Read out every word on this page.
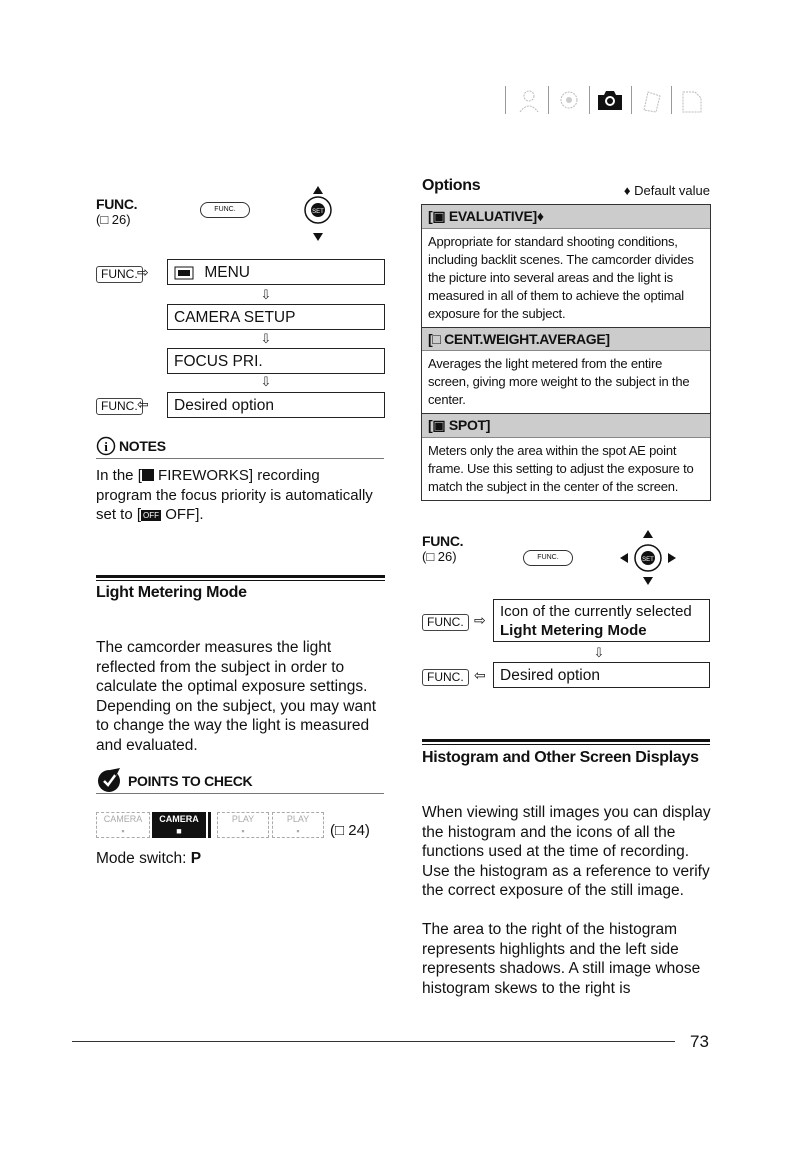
FUNC.
(□ 26)
FUNC.	SET
FUNC. ⇨	MENU
⇩
CAMERA SETUP
⇩
FOCUS PRI.
⇩
FUNC. ⇦	Desired option
i NOTES
In the [ FIREWORKS] recording
program the focus priority is automatically
set to [ OFF OFF].
Light Metering Mode
The camcorder measures the light reflected from the subject in order to calculate the optimal exposure settings. Depending on the subject, you may want to change the way the light is measured and evaluated.
POINTS TO CHECK
CAMERA
▪
CAMERA
■
PLAY
▪
PLAY
▪	(□ 24)
Mode switch: P
Options	♦ Default value
[▣ EVALUATIVE]♦
Appropriate for standard shooting conditions, including backlit scenes. The camcorder divides the picture into several areas and the light is measured in all of them to achieve the optimal exposure for the subject.
[□ CENT.WEIGHT.AVERAGE]
Averages the light metered from the entire screen, giving more weight to the subject in the center.
[▣ SPOT]
Meters only the area within the spot AE point frame. Use this setting to adjust the exposure to match the subject in the center of the screen.
FUNC.
(□ 26)	FUNC.	SET
FUNC. ⇨ Icon of the currently selected
Light Metering Mode
⇩
FUNC. ⇦ Desired option
Histogram and Other Screen Displays
When viewing still images you can display the histogram and the icons of all the functions used at the time of recording. Use the histogram as a reference to verify the correct exposure of the still image.
The area to the right of the histogram represents highlights and the left side represents shadows. A still image whose histogram skews to the right is
73
